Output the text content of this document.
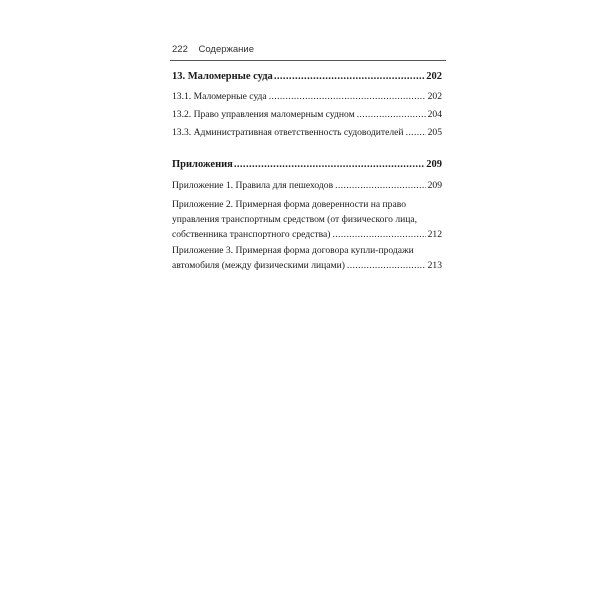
222 Содержание
13. Маломерные суда .....	202
13.1. Маломерные суда .....	202
13.2. Право управления маломерным судном .....	204
13.3. Административная ответственность судоводителей .....	205
Приложения .....	209
Приложение 1. Правила для пешеходов .....	209
Приложение 2. Примерная форма доверенности на право
управления транспортным средством (от физического лица,
собственника транспортного средства) .....	212
Приложение 3. Примерная форма договора купли-продажи
автомобиля (между физическими лицами) .....	213
